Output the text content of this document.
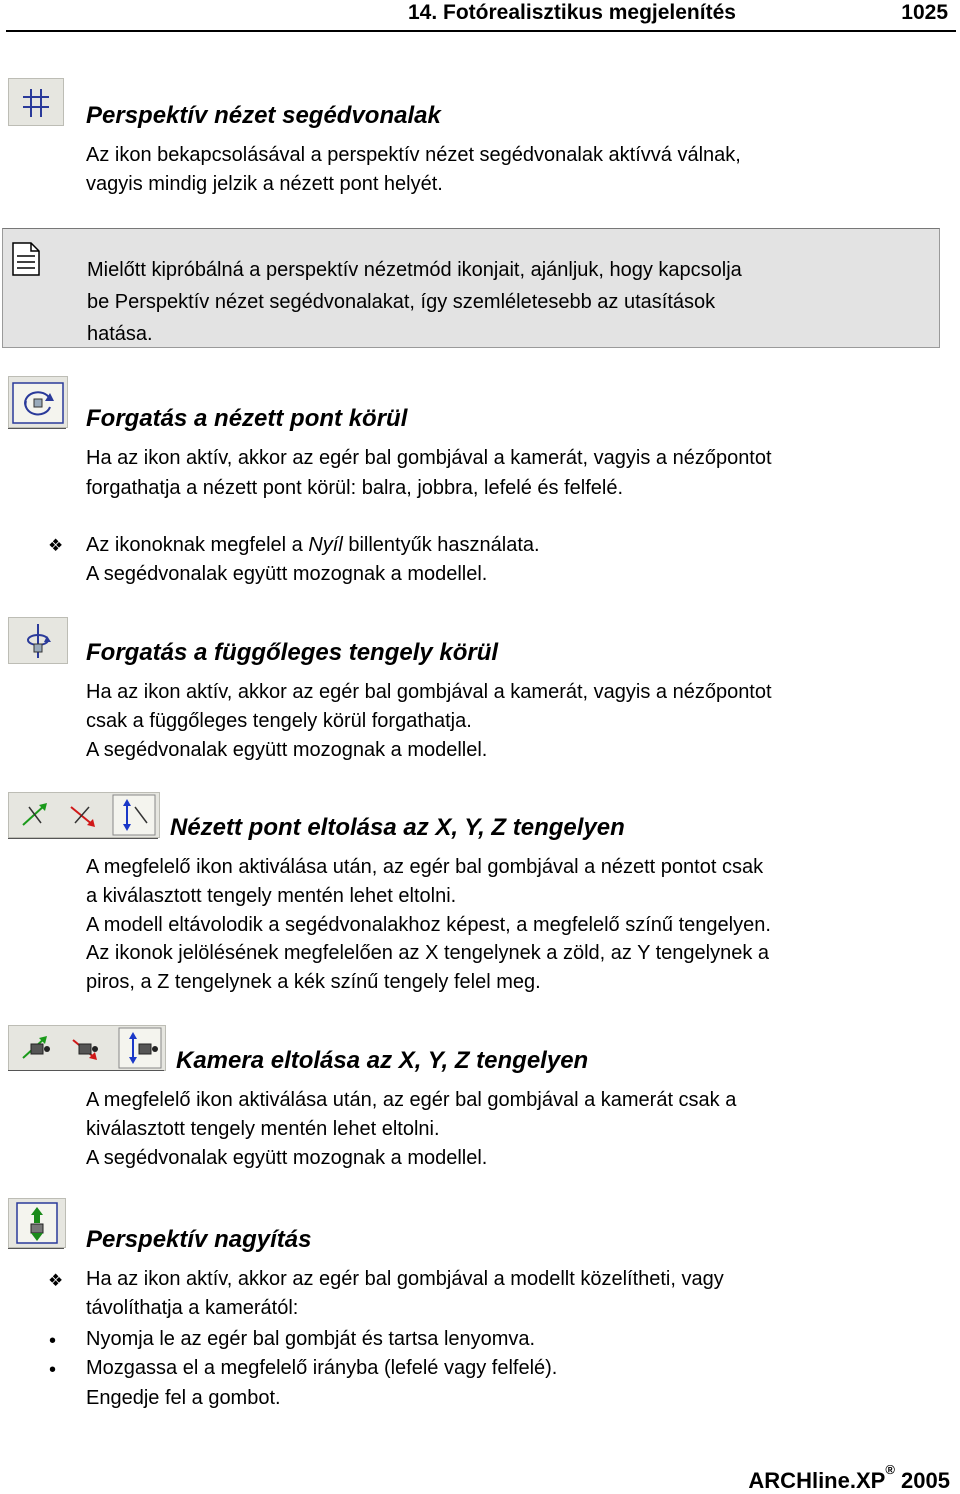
14. Fotórealisztikus megjelenítés	1025
Perspektív nézet segédvonalak
Az ikon bekapcsolásával a perspektív nézet segédvonalak aktívvá válnak,
vagyis mindig jelzik a nézett pont helyét.
Mielőtt kipróbálná a perspektív nézetmód ikonjait, ajánljuk, hogy kapcsolja
be Perspektív nézet segédvonalakat, így szemléletesebb az utasítások
hatása.
Forgatás a nézett pont körül
Ha az ikon aktív, akkor az egér bal gombjával a kamerát, vagyis a nézőpontot
forgathatja a nézett pont körül: balra, jobbra, lefelé és felfelé.
❖ Az ikonoknak megfelel a Nyíl billentyűk használata.
A segédvonalak együtt mozognak a modellel.
Forgatás a függőleges tengely körül
Ha az ikon aktív, akkor az egér bal gombjával a kamerát, vagyis a nézőpontot
csak a függőleges tengely körül forgathatja.
A segédvonalak együtt mozognak a modellel.
Nézett pont eltolása az X, Y, Z tengelyen
A megfelelő ikon aktiválása után, az egér bal gombjával a nézett pontot csak
a kiválasztott tengely mentén lehet eltolni.
A modell eltávolodik a segédvonalakhoz képest, a megfelelő színű tengelyen.
Az ikonok jelölésének megfelelően az X tengelynek a zöld, az Y tengelynek a
piros, a Z tengelynek a kék színű tengely felel meg.
Kamera eltolása az X, Y, Z tengelyen
A megfelelő ikon aktiválása után, az egér bal gombjával a kamerát csak a
kiválasztott tengely mentén lehet eltolni.
A segédvonalak együtt mozognak a modellel.
Perspektív nagyítás
❖ Ha az ikon aktív, akkor az egér bal gombjával a modellt közelítheti, vagy
távolíthatja a kamerától:
• Nyomja le az egér bal gombját és tartsa lenyomva.
• Mozgassa el a megfelelő irányba (lefelé vagy felfelé).
Engedje fel a gombot.
ARCHline.XP® 2005
